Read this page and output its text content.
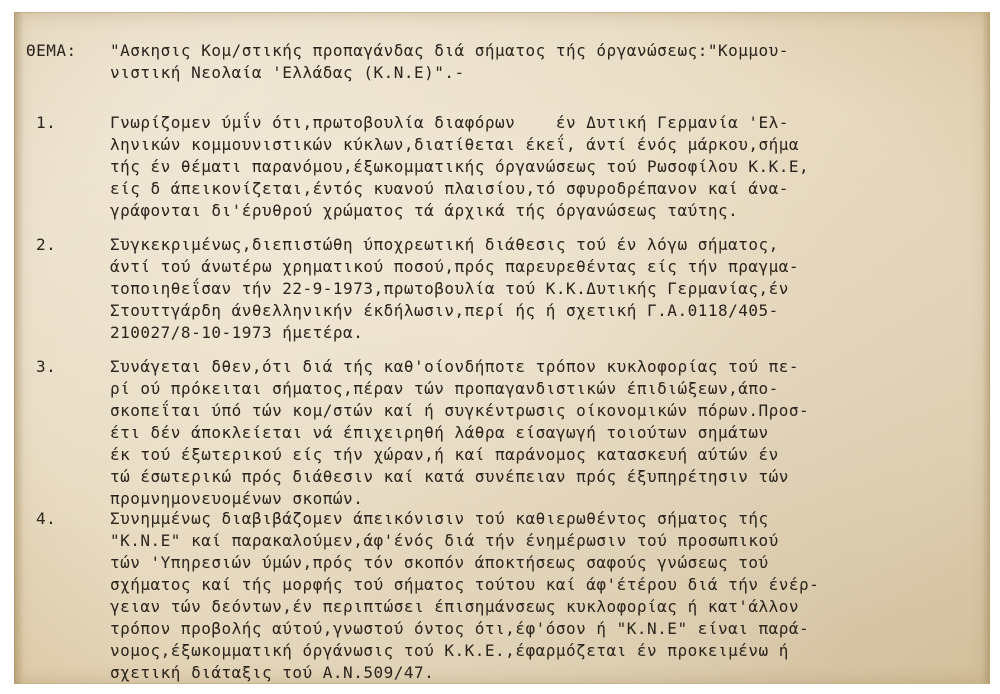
ΘΕΜΑ: "Ασκησις Κομ/στικής προπαγάνδας διά σήματος τής όργανώσεως:"Κομμου-
νιστική Νεολαία 'Ελλάδας (Κ.Ν.Ε)".-
1.	Γνωρίζομεν ύμΐν ότι,πρωτοβουλία διαφόρων    έν Δυτική Γερμανία 'Ελ-
ληνικών κομμουνιστικών κύκλων,διατίθεται έκεΐ, άντί ένός μάρκου,σήμα
τής έν θέματι παρανόμου,έξωκομματικής όργανώσεως τού Ρωσοφίλου Κ.Κ.Ε,
είς δ άπεικονίζεται,έντός κυανού πλαισίου,τό σφυροδρέπανον καί άνα-
γράφονται δι'έρυθρού χρώματος τά άρχικά τής όργανώσεως ταύτης.
2.	Συγκεκριμένως,διεπιστώθη ύποχρεωτική διάθεσις τού έν λόγω σήματος,
άντί τού άνωτέρω χρηματικού ποσού,πρός παρευρεθέντας είς τήν πραγμα-
τοποιηθεΐσαν τήν 22-9-1973,πρωτοβουλία τού Κ.Κ.Δυτικής Γερμανίας,έν
Στουττγάρδη άνθελληνικήν έκδήλωσιν,περί ής ή σχετική Γ.Α.0118/405-
210027/8-10-1973 ήμετέρα.
3.	Συνάγεται δθεν,ότι διά τής καθ'οίονδήποτε τρόπον κυκλοφορίας τού πε-
ρί ού πρόκειται σήματος,πέραν τών προπαγανδιστικών έπιδιώξεων,άπο-
σκοπεΐται ύπό τών κομ/στών καί ή συγκέντρωσις οίκονομικών πόρων.Προσ-
έτι δέν άποκλείεται νά έπιχειρηθή λάθρα είσαγωγή τοιούτων σημάτων
έκ τού έξωτερικού είς τήν χώραν,ή καί παράνομος κατασκευή αύτών έν
τώ έσωτερικώ πρός διάθεσιν καί κατά συνέπειαν πρός έξυπηρέτησιν τών
προμνημονευομένων σκοπών.
4.	Συνημμένως διαβιβάζομεν άπεικόνισιν τού καθιερωθέντος σήματος τής
"Κ.Ν.Ε" καί παρακαλούμεν,άφ'ένός διά τήν ένημέρωσιν τού προσωπικού
τών 'Υπηρεσιών ύμών,πρός τόν σκοπόν άποκτήσεως σαφούς γνώσεως τού
σχήματος καί τής μορφής τού σήματος τούτου καί άφ'έτέρου διά τήν ένέρ-
γειαν τών δεόντων,έν περιπτώσει έπισημάνσεως κυκλοφορίας ή κατ'άλλον
τρόπον προβολής αύτού,γνωστού όντος ότι,έφ'όσον ή "Κ.Ν.Ε" είναι παρά-
νομος,έξωκομματική όργάνωσις τού Κ.Κ.Ε.,έφαρμόζεται έν προκειμένω ή
σχετική διάταξις τού Α.Ν.509/47.
